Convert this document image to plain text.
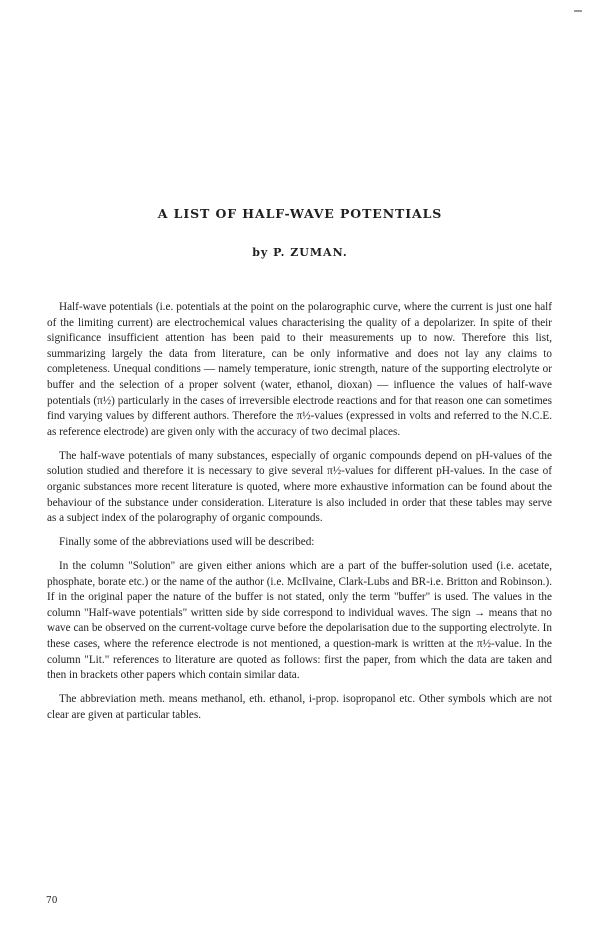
A LIST OF HALF-WAVE POTENTIALS
by P. ZUMAN.

Half-wave potentials (i.e. potentials at the point on the polarographic curve, where the current is just one half of the limiting current) are electrochemical values characterising the quality of a depolarizer. In spite of their significance insufficient attention has been paid to their measurements up to now. Therefore this list, summarizing largely the data from literature, can be only informative and does not lay any claims to completeness. Unequal conditions — namely temperature, ionic strength, nature of the supporting electrolyte or buffer and the selection of a proper solvent (water, ethanol, dioxan) — influence the values of half-wave potentials (π½) particularly in the cases of irreversible electrode reactions and for that reason one can sometimes find varying values by different authors. Therefore the π½-values (expressed in volts and referred to the N.C.E. as reference electrode) are given only with the accuracy of two decimal places.

The half-wave potentials of many substances, especially of organic compounds depend on pH-values of the solution studied and therefore it is necessary to give several π½-values for different pH-values. In the case of organic substances more recent literature is quoted, where more exhaustive information can be found about the behaviour of the substance under consideration. Literature is also included in order that these tables may serve as a subject index of the polarography of organic compounds.

Finally some of the abbreviations used will be described:

In the column "Solution" are given either anions which are a part of the buffer-solution used (i.e. acetate, phosphate, borate etc.) or the name of the author (i.e. McIlvaine, Clark-Lubs and BR-i.e. Britton and Robinson.). If in the original paper the nature of the buffer is not stated, only the term "buffer" is used. The values in the column "Half-wave potentials" written side by side correspond to individual waves. The sign → means that no wave can be observed on the current-voltage curve before the depolarisation due to the supporting electrolyte. In these cases, where the reference electrode is not mentioned, a question-mark is written at the π½-value. In the column "Lit." references to literature are quoted as follows: first the paper, from which the data are taken and then in brackets other papers which contain similar data.

The abbreviation meth. means methanol, eth. ethanol, i-prop. isopropanol etc. Other symbols which are not clear are given at particular tables.

70
